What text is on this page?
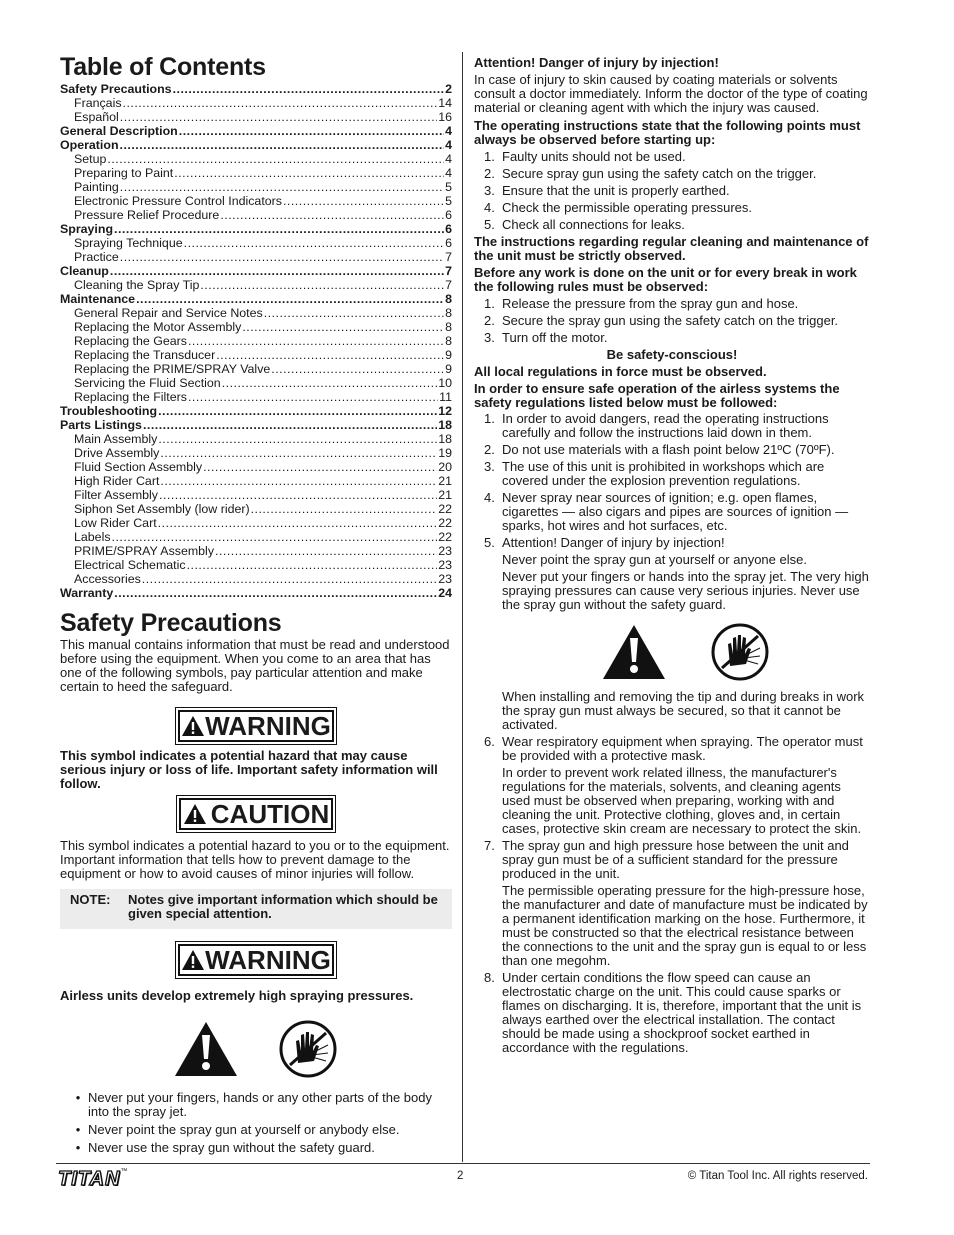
Table of Contents
Safety Precautions .....	2
Français .....	14
Español .....	16
General Description .....	4
Operation .....	4
Setup .....	4
Preparing to Paint .....	4
Painting .....	5
Electronic Pressure Control Indicators .....	5
Pressure Relief Procedure .....	6
Spraying .....	6
Spraying Technique .....	6
Practice .....	7
Cleanup .....	7
Cleaning the Spray Tip .....	7
Maintenance .....	8
General Repair and Service Notes .....	8
Replacing the Motor Assembly .....	8
Replacing the Gears .....	8
Replacing the Transducer .....	9
Replacing the PRIME/SPRAY Valve .....	9
Servicing the Fluid Section .....	10
Replacing the Filters .....	11
Troubleshooting .....	12
Parts Listings .....	18
Main Assembly .....	18
Drive Assembly .....	19
Fluid Section Assembly .....	20
High Rider Cart .....	21
Filter Assembly .....	21
Siphon Set Assembly (low rider) .....	22
Low Rider Cart .....	22
Labels .....	22
PRIME/SPRAY Assembly .....	23
Electrical Schematic .....	23
Accessories .....	23
Warranty .....	24
Safety Precautions

This manual contains information that must be read and understood before using the equipment. When you come to an area that has one of the following symbols, pay particular attention and make certain to heed the safeguard.

WARNING

This symbol indicates a potential hazard that may cause serious injury or loss of life. Important safety information will follow.

CAUTION

This symbol indicates a potential hazard to you or to the equipment. Important information that tells how to prevent damage to the equipment or how to avoid causes of minor injuries will follow.

NOTE:	Notes give important information which should be given special attention.
WARNING

Airless units develop extremely high spraying pressures.

• Never put your fingers, hands or any other parts of the body into the spray jet.
• Never point the spray gun at yourself or anybody else.
• Never use the spray gun without the safety guard.

Attention! Danger of injury by injection!

In case of injury to skin caused by coating materials or solvents consult a doctor immediately. Inform the doctor of the type of coating material or cleaning agent with which the injury was caused.

The operating instructions state that the following points must always be observed before starting up:

1. Faulty units should not be used.
2. Secure spray gun using the safety catch on the trigger.
3. Ensure that the unit is properly earthed.
4. Check the permissible operating pressures.
5. Check all connections for leaks.

The instructions regarding regular cleaning and maintenance of the unit must be strictly observed.

Before any work is done on the unit or for every break in work the following rules must be observed:

1. Release the pressure from the spray gun and hose.
2. Secure the spray gun using the safety catch on the trigger.
3. Turn off the motor.

Be safety-conscious!

All local regulations in force must be observed.

In order to ensure safe operation of the airless systems the safety regulations listed below must be followed:

1. In order to avoid dangers, read the operating instructions carefully and follow the instructions laid down in them.
2. Do not use materials with a flash point below 21ºC (70ºF).
3. The use of this unit is prohibited in workshops which are covered under the explosion prevention regulations.
4. Never spray near sources of ignition; e.g. open flames, cigarettes — also cigars and pipes are sources of ignition — sparks, hot wires and hot surfaces, etc.
5. Attention! Danger of injury by injection!

Never point the spray gun at yourself or anyone else.

Never put your fingers or hands into the spray jet. The very high spraying pressures can cause very serious injuries. Never use the spray gun without the safety guard.

When installing and removing the tip and during breaks in work the spray gun must always be secured, so that it cannot be activated.

6. Wear respiratory equipment when spraying. The operator must be provided with a protective mask.

In order to prevent work related illness, the manufacturer's regulations for the materials, solvents, and cleaning agents used must be observed when preparing, working with and cleaning the unit. Protective clothing, gloves and, in certain cases, protective skin cream are necessary to protect the skin.

7. The spray gun and high pressure hose between the unit and spray gun must be of a sufficient standard for the pressure produced in the unit.

The permissible operating pressure for the high-pressure hose, the manufacturer and date of manufacture must be indicated by a permanent identification marking on the hose. Furthermore, it must be constructed so that the electrical resistance between the connections to the unit and the spray gun is equal to or less than one megohm.

8. Under certain conditions the flow speed can cause an electrostatic charge on the unit. This could cause sparks or flames on discharging. It is, therefore, important that the unit is always earthed over the electrical installation. The contact should be made using a shockproof socket earthed in accordance with the regulations.
TITAN™	2	© Titan Tool Inc. All rights reserved.
